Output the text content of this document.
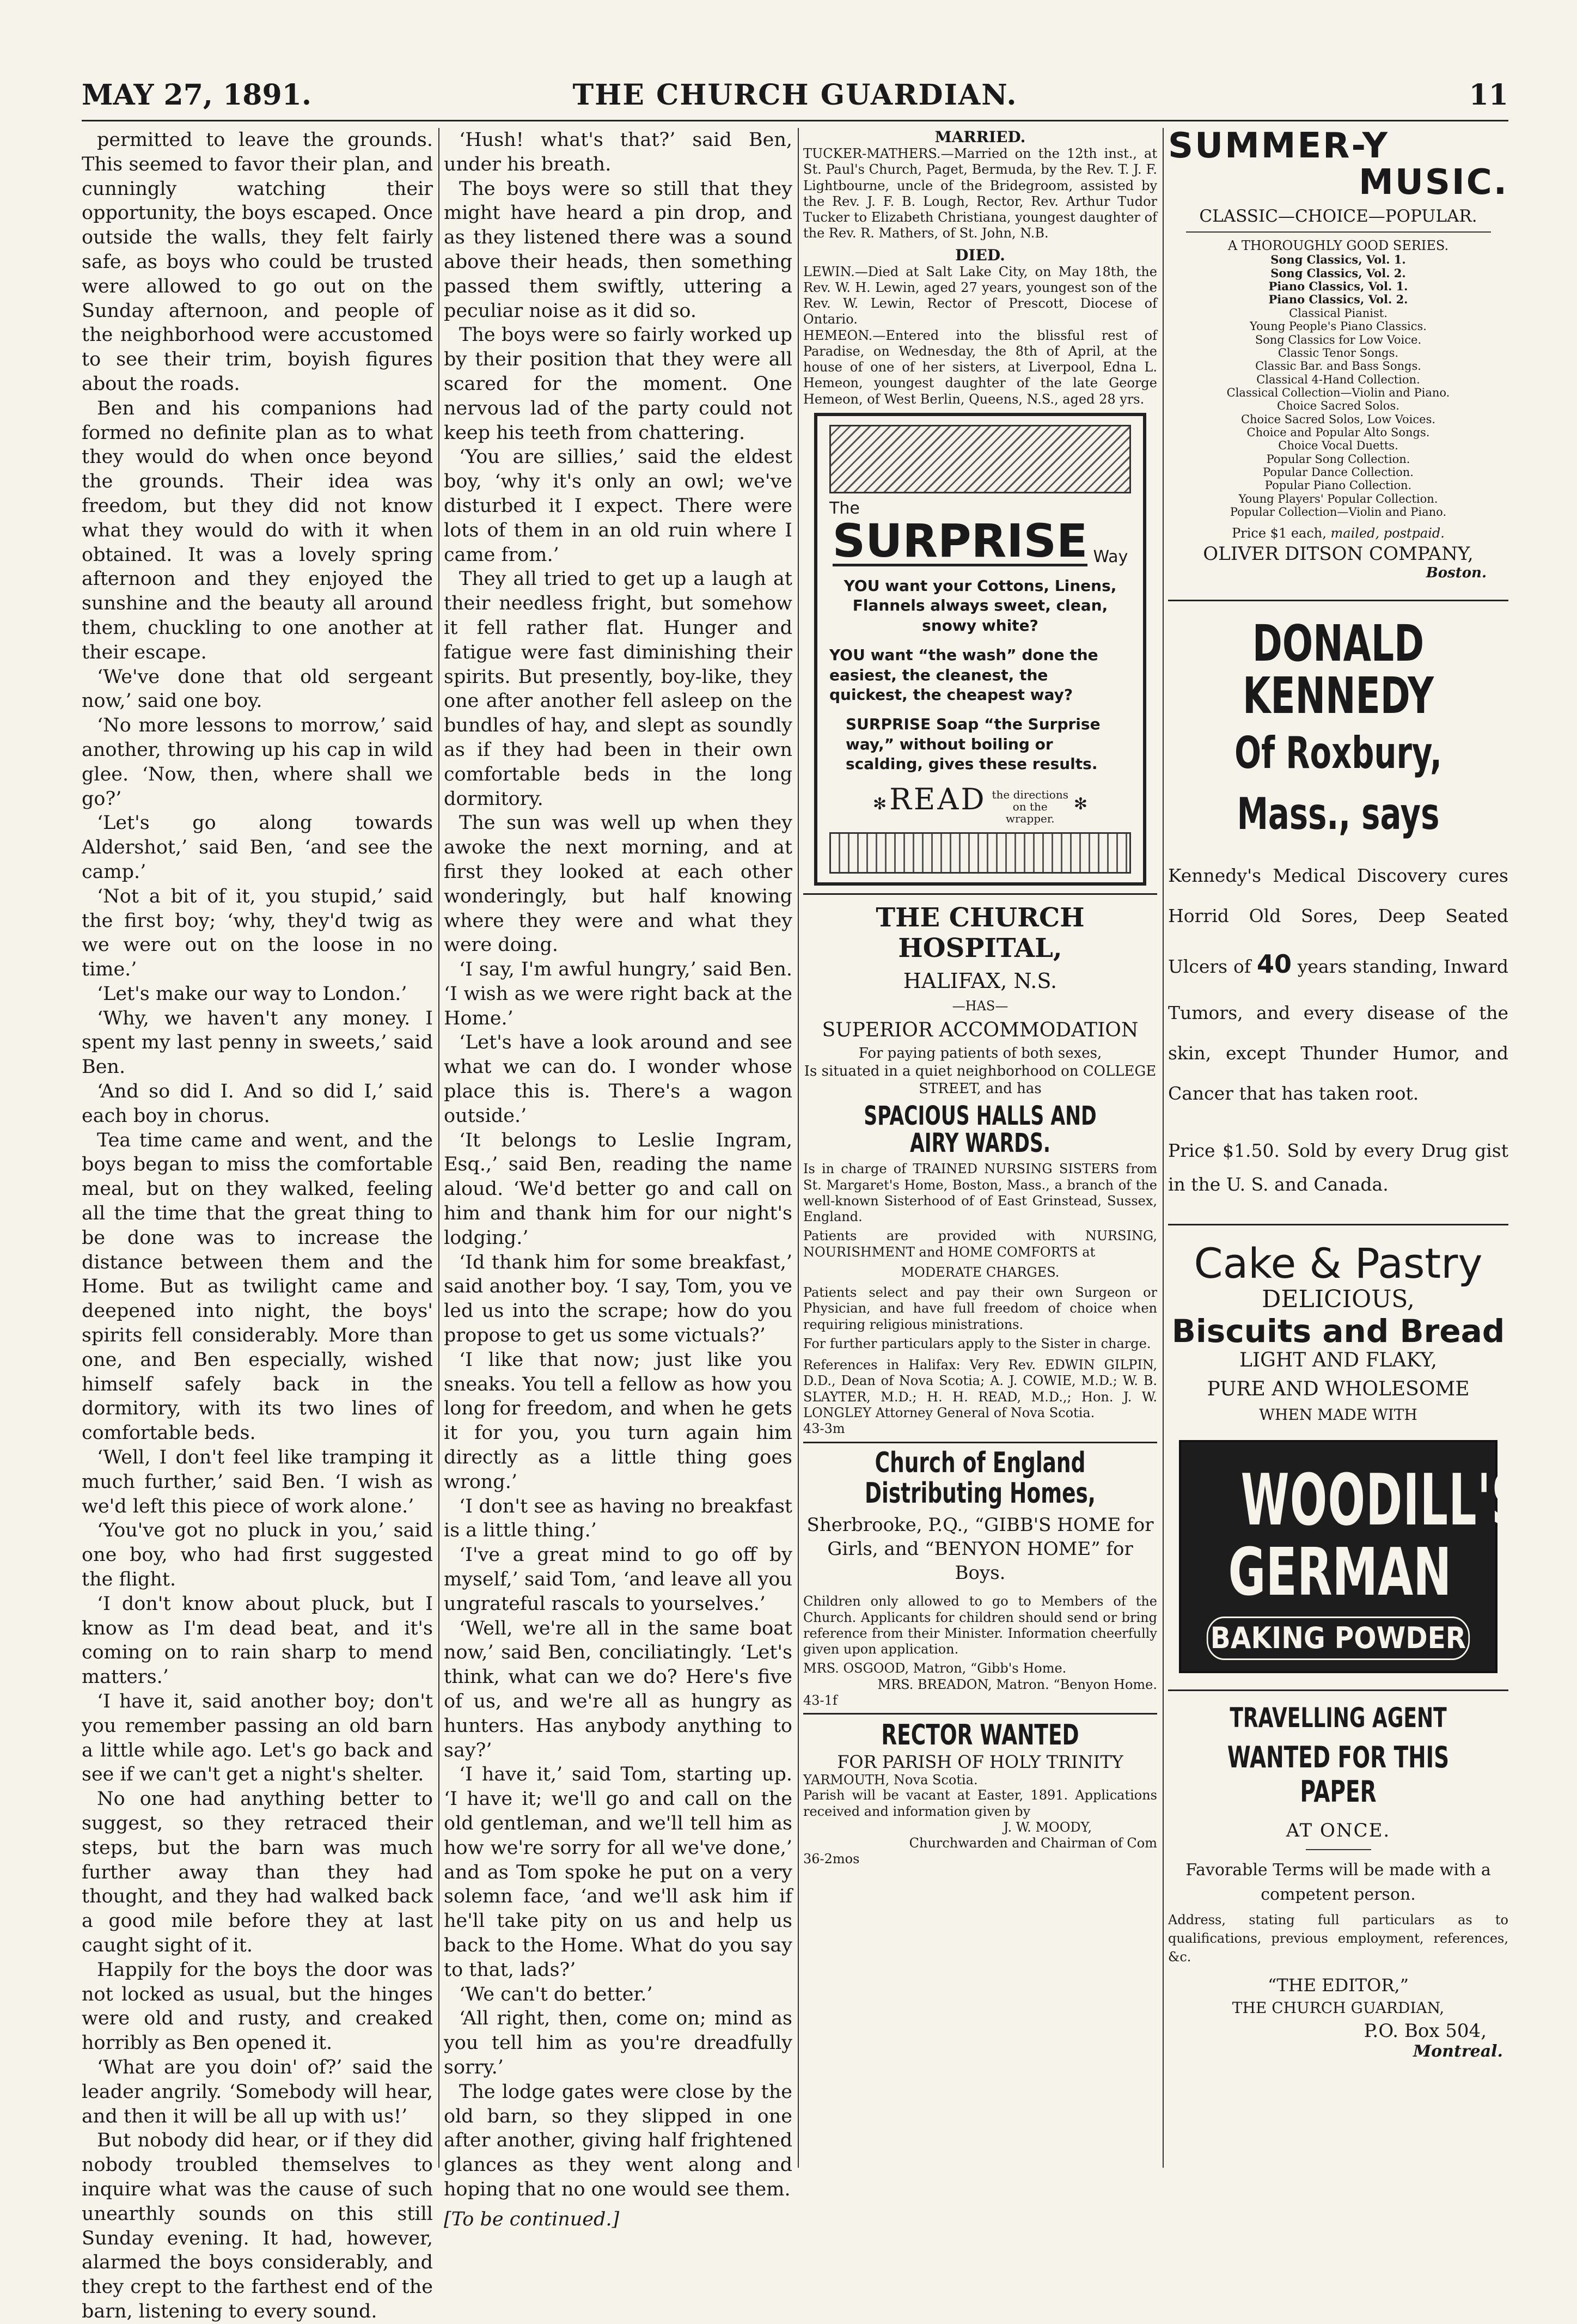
MAY 27, 1891.	THE CHURCH GUARDIAN.	11

permitted to leave the grounds. This seemed to favor their plan, and cunningly watching their opportunity, the boys escaped. Once outside the walls, they felt fairly safe, as boys who could be trusted were allowed to go out on the Sunday afternoon, and people of the neighborhood were accustomed to see their trim, boyish figures about the roads.

Ben and his companions had formed no definite plan as to what they would do when once beyond the grounds. Their idea was freedom, but they did not know what they would do with it when obtained. It was a lovely spring afternoon and they enjoyed the sunshine and the beauty all around them, chuckling to one another at their escape.

‘We've done that old sergeant now,’ said one boy.

‘No more lessons to morrow,’ said another, throwing up his cap in wild glee. ‘Now, then, where shall we go?’

‘Let's go along towards Aldershot,’ said Ben, ‘and see the camp.’

‘Not a bit of it, you stupid,’ said the first boy; ‘why, they'd twig as we were out on the loose in no time.’

‘Let's make our way to London.’

‘Why, we haven't any money. I spent my last penny in sweets,’ said Ben.

‘And so did I. And so did I,’ said each boy in chorus.

Tea time came and went, and the boys began to miss the comfortable meal, but on they walked, feeling all the time that the great thing to be done was to increase the distance between them and the Home. But as twilight came and deepened into night, the boys' spirits fell considerably. More than one, and Ben especially, wished himself safely back in the dormitory, with its two lines of comfortable beds.

‘Well, I don't feel like tramping it much further,’ said Ben. ‘I wish as we'd left this piece of work alone.’

‘You've got no pluck in you,’ said one boy, who had first suggested the flight.

‘I don't know about pluck, but I know as I'm dead beat, and it's coming on to rain sharp to mend matters.’

‘I have it, said another boy; don't you remember passing an old barn a little while ago. Let's go back and see if we can't get a night's shelter.

No one had anything better to suggest, so they retraced their steps, but the barn was much further away than they had thought, and they had walked back a good mile before they at last caught sight of it.

Happily for the boys the door was not locked as usual, but the hinges were old and rusty, and creaked horribly as Ben opened it.

‘What are you doin' of?’ said the leader angrily. ‘Somebody will hear, and then it will be all up with us!’

But nobody did hear, or if they did nobody troubled themselves to inquire what was the cause of such unearthly sounds on this still Sunday evening. It had, however, alarmed the boys considerably, and they crept to the farthest end of the barn, listening to every sound.

‘Hush! what's that?’ said Ben, under his breath.

The boys were so still that they might have heard a pin drop, and as they listened there was a sound above their heads, then something passed them swiftly, uttering a peculiar noise as it did so.

The boys were so fairly worked up by their position that they were all scared for the moment. One nervous lad of the party could not keep his teeth from chattering.

‘You are sillies,’ said the eldest boy, ‘why it's only an owl; we've disturbed it I expect. There were lots of them in an old ruin where I came from.’

They all tried to get up a laugh at their needless fright, but somehow it fell rather flat. Hunger and fatigue were fast diminishing their spirits. But presently, boy-like, they one after another fell asleep on the bundles of hay, and slept as soundly as if they had been in their own comfortable beds in the long dormitory.

The sun was well up when they awoke the next morning, and at first they looked at each other wonderingly, but half knowing where they were and what they were doing.

‘I say, I'm awful hungry,’ said Ben. ‘I wish as we were right back at the Home.’

‘Let's have a look around and see what we can do. I wonder whose place this is. There's a wagon outside.’

‘It belongs to Leslie Ingram, Esq.,’ said Ben, reading the name aloud. ‘We'd better go and call on him and thank him for our night's lodging.’

‘Id thank him for some breakfast,’ said another boy. ‘I say, Tom, you ve led us into the scrape; how do you propose to get us some victuals?’

‘I like that now; just like you sneaks. You tell a fellow as how you long for freedom, and when he gets it for you, you turn again him directly as a little thing goes wrong.’

‘I don't see as having no breakfast is a little thing.’

‘I've a great mind to go off by myself,’ said Tom, ‘and leave all you ungrateful rascals to yourselves.’

‘Well, we're all in the same boat now,’ said Ben, conciliatingly. ‘Let's think, what can we do? Here's five of us, and we're all as hungry as hunters. Has anybody anything to say?’

‘I have it,’ said Tom, starting up. ‘I have it; we'll go and call on the old gentleman, and we'll tell him as how we're sorry for all we've done,’ and as Tom spoke he put on a very solemn face, ‘and we'll ask him if he'll take pity on us and help us back to the Home. What do you say to that, lads?’

‘We can't do better.’

‘All right, then, come on; mind as you tell him as you're dreadfully sorry.’

The lodge gates were close by the old barn, so they slipped in one after another, giving half frightened glances as they went along and hoping that no one would see them.

[To be continued.]

MARRIED.
TUCKER-MATHERS.—Married on the 12th inst., at St. Paul's Church, Paget, Bermuda, by the Rev. T. J. F. Lightbourne, uncle of the Bridegroom, assisted by the Rev. J. F. B. Lough, Rector, Rev. Arthur Tudor Tucker to Elizabeth Christiana, youngest daughter of the Rev. R. Mathers, of St. John, N.B.
DIED.
LEWIN.—Died at Salt Lake City, on May 18th, the Rev. W. H. Lewin, aged 27 years, youngest son of the Rev. W. Lewin, Rector of Prescott, Diocese of Ontario.
HEMEON.—Entered into the blissful rest of Paradise, on Wednesday, the 8th of April, at the house of one of her sisters, at Liverpool, Edna L. Hemeon, youngest daughter of the late George Hemeon, of West Berlin, Queens, N.S., aged 28 yrs.
The
SURPRISE Way
YOU want your Cottons, Linens, Flannels always sweet, clean, snowy white?
YOU want “the wash” done the easiest, the cleanest, the quickest, the cheapest way?
SURPRISE Soap “the Surprise way,” without boiling or scalding, gives these results.
✻ READ the directions on the wrapper. ✻
THE CHURCH HOSPITAL,
HALIFAX, N.S.
—HAS—
SUPERIOR ACCOMMODATION
For paying patients of both sexes,
Is situated in a quiet neighborhood on COLLEGE STREET, and has
SPACIOUS HALLS AND AIRY WARDS.
Is in charge of TRAINED NURSING SISTERS from St. Margaret's Home, Boston, Mass., a branch of the well-known Sisterhood of of East Grinstead, Sussex, England.
Patients are provided with NURSING, NOURISHMENT and HOME COMFORTS at
MODERATE CHARGES.
Patients select and pay their own Surgeon or Physician, and have full freedom of choice when requiring religious ministrations.
For further particulars apply to the Sister in charge.
References in Halifax: Very Rev. EDWIN GILPIN, D.D., Dean of Nova Scotia; A. J. COWIE, M.D.; W. B. SLAYTER, M.D.; H. H. READ, M.D.,; Hon. J. W. LONGLEY Attorney General of Nova Scotia.
43-3m
Church of England Distributing Homes,
Sherbrooke, P.Q., “GIBB'S HOME for Girls, and “BENYON HOME” for Boys.
Children only allowed to go to Members of the Church. Applicants for children should send or bring reference from their Minister. Information cheerfully given upon application.
MRS. OSGOOD, Matron, “Gibb's Home.
MRS. BREADON, Matron. “Benyon Home.
43-1f
RECTOR WANTED
FOR PARISH OF HOLY TRINITY
YARMOUTH, Nova Scotia.
Parish will be vacant at Easter, 1891. Applications received and information given by
J. W. MOODY,
Churchwarden and Chairman of Com
36-2mos
SUMMER-Y
MUSIC.
CLASSIC—CHOICE—POPULAR.
A THOROUGHLY GOOD SERIES.
Song Classics, Vol. 1.
Song Classics, Vol. 2.
Piano Classics, Vol. 1.
Piano Classics, Vol. 2.
Classical Pianist.
Young People's Piano Classics.
Song Classics for Low Voice.
Classic Tenor Songs.
Classic Bar. and Bass Songs.
Classical 4-Hand Collection.
Classical Collection—Violin and Piano.
Choice Sacred Solos.
Choice Sacred Solos, Low Voices.
Choice and Popular Alto Songs.
Choice Vocal Duetts.
Popular Song Collection.
Popular Dance Collection.
Popular Piano Collection.
Young Players' Popular Collection.
Popular Collection—Violin and Piano.
Price $1 each, mailed, postpaid.
OLIVER DITSON COMPANY,
Boston.
DONALD KENNEDY
Of Roxbury, Mass., says
Kennedy's Medical Discovery cures Horrid Old Sores, Deep Seated Ulcers of 40 years standing, Inward Tumors, and every disease of the skin, except Thunder Humor, and Cancer that has taken root.
Price $1.50. Sold by every Drug gist in the U. S. and Canada.
Cake & Pastry
DELICIOUS,
Biscuits and Bread
LIGHT AND FLAKY,
PURE AND WHOLESOME
WHEN MADE WITH
WOODILL'S
GERMAN
BAKING POWDER
TRAVELLING AGENT
WANTED FOR THIS PAPER
AT ONCE.
Favorable Terms will be made with a competent person.
Address, stating full particulars as to qualifications, previous employment, references, &c.
“THE EDITOR,”
THE CHURCH GUARDIAN,
P.O. Box 504,
Montreal.
